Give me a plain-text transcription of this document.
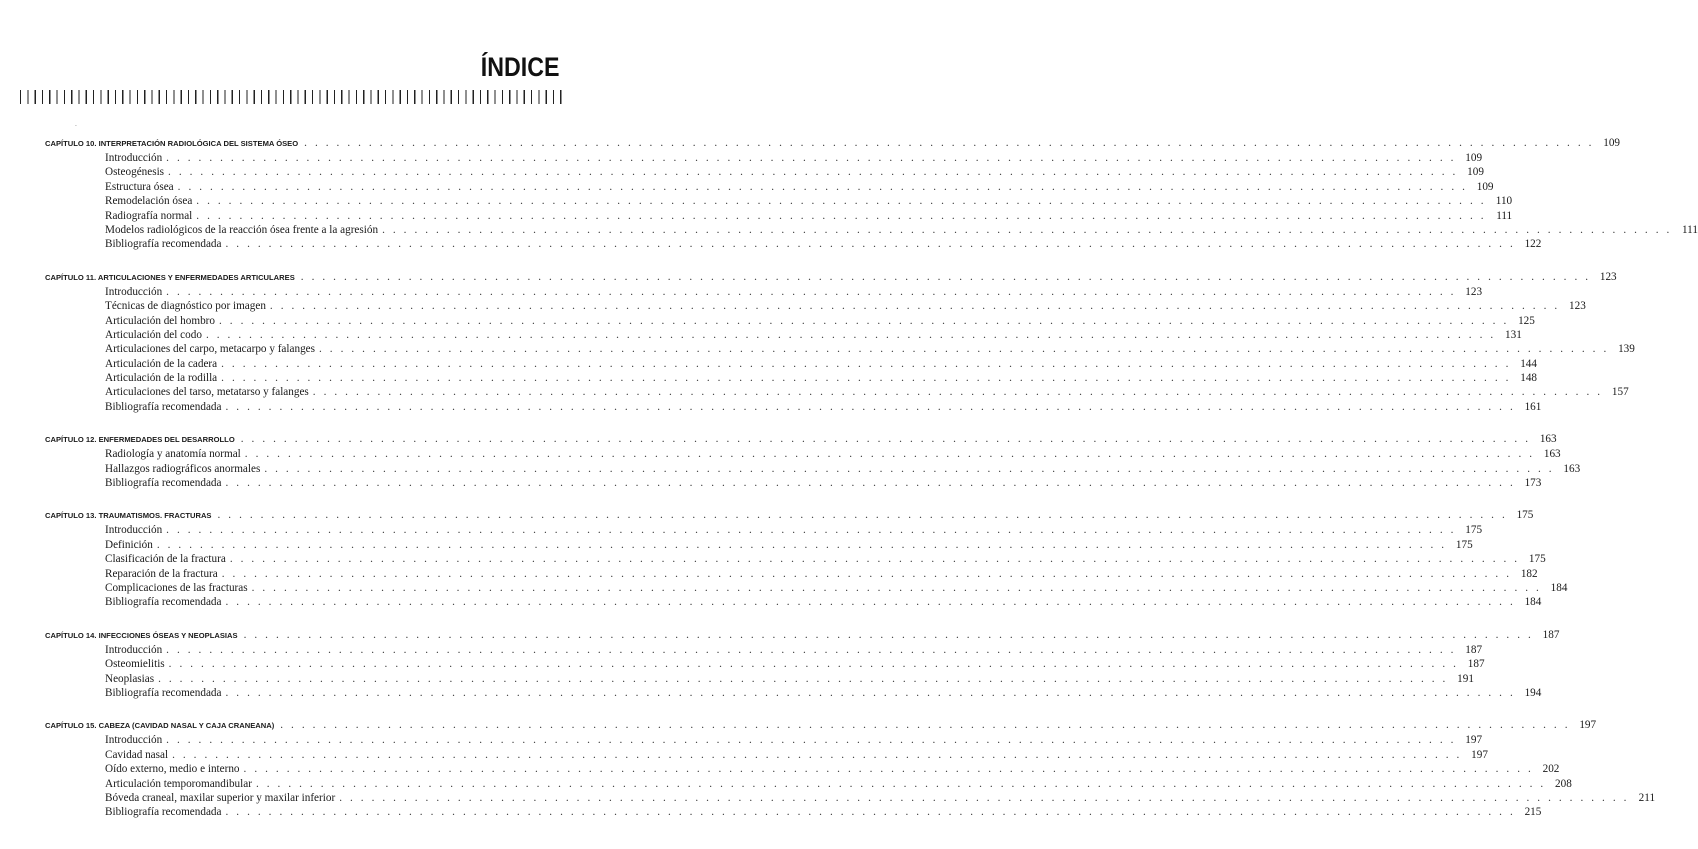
ÍNDICE
·
CAPÍTULO 10. INTERPRETACIÓN RADIOLÓGICA DEL SISTEMA ÓSEO . . . . . . . . . . . . . . . . . . . . . . . . . . . . . . . . . . . . . . . . . . . . . . . . . . . . . . . . . . . . . . . . . . . . . . . . . . . . . . . . . . . . . . . . . . . . . . . . . . . . . . . . . . . . . . . . . . . . . . . . 109
Introducción . . . . . . . . . . . . . . . . . . . . . . . . . . . . . . . . . . . . . . . . . . . . . . . . . . . . . . . . . . . . . . . . . . . . . . . . . . . . . . . . . . . . . . . . . . . . . . . . . . . . . . . . . . . . . . . . . . . . . . . . 109
Osteogénesis . . . . . . . . . . . . . . . . . . . . . . . . . . . . . . . . . . . . . . . . . . . . . . . . . . . . . . . . . . . . . . . . . . . . . . . . . . . . . . . . . . . . . . . . . . . . . . . . . . . . . . . . . . . . . . . . . . . . . . . . 109
Estructura ósea . . . . . . . . . . . . . . . . . . . . . . . . . . . . . . . . . . . . . . . . . . . . . . . . . . . . . . . . . . . . . . . . . . . . . . . . . . . . . . . . . . . . . . . . . . . . . . . . . . . . . . . . . . . . . . . . . . . . . . . . 109
Remodelación ósea . . . . . . . . . . . . . . . . . . . . . . . . . . . . . . . . . . . . . . . . . . . . . . . . . . . . . . . . . . . . . . . . . . . . . . . . . . . . . . . . . . . . . . . . . . . . . . . . . . . . . . . . . . . . . . . . . . . . . . . . 110
Radiografía normal . . . . . . . . . . . . . . . . . . . . . . . . . . . . . . . . . . . . . . . . . . . . . . . . . . . . . . . . . . . . . . . . . . . . . . . . . . . . . . . . . . . . . . . . . . . . . . . . . . . . . . . . . . . . . . . . . . . . . . . . 111
Modelos radiológicos de la reacción ósea frente a la agresión . . . . . . . . . . . . . . . . . . . . . . . . . . . . . . . . . . . . . . . . . . . . . . . . . . . . . . . . . . . . . . . . . . . . . . . . . . . . . . . . . . . . . . . . . . . . . . . . . . . . . . . . . . . . . . . . . . . . . . . . 111
Bibliografía recomendada . . . . . . . . . . . . . . . . . . . . . . . . . . . . . . . . . . . . . . . . . . . . . . . . . . . . . . . . . . . . . . . . . . . . . . . . . . . . . . . . . . . . . . . . . . . . . . . . . . . . . . . . . . . . . . . . . . . . . . . . 122
CAPÍTULO 11. ARTICULACIONES Y ENFERMEDADES ARTICULARES . . . . . . . . . . . . . . . . . . . . . . . . . . . . . . . . . . . . . . . . . . . . . . . . . . . . . . . . . . . . . . . . . . . . . . . . . . . . . . . . . . . . . . . . . . . . . . . . . . . . . . . . . . . . . . . . . . . . . . . . 123
Introducción . . . . . . . . . . . . . . . . . . . . . . . . . . . . . . . . . . . . . . . . . . . . . . . . . . . . . . . . . . . . . . . . . . . . . . . . . . . . . . . . . . . . . . . . . . . . . . . . . . . . . . . . . . . . . . . . . . . . . . . . 123
Técnicas de diagnóstico por imagen . . . . . . . . . . . . . . . . . . . . . . . . . . . . . . . . . . . . . . . . . . . . . . . . . . . . . . . . . . . . . . . . . . . . . . . . . . . . . . . . . . . . . . . . . . . . . . . . . . . . . . . . . . . . . . . . . . . . . . . . 123
Articulación del hombro . . . . . . . . . . . . . . . . . . . . . . . . . . . . . . . . . . . . . . . . . . . . . . . . . . . . . . . . . . . . . . . . . . . . . . . . . . . . . . . . . . . . . . . . . . . . . . . . . . . . . . . . . . . . . . . . . . . . . . . . 125
Articulación del codo . . . . . . . . . . . . . . . . . . . . . . . . . . . . . . . . . . . . . . . . . . . . . . . . . . . . . . . . . . . . . . . . . . . . . . . . . . . . . . . . . . . . . . . . . . . . . . . . . . . . . . . . . . . . . . . . . . . . . . . . 131
Articulaciones del carpo, metacarpo y falanges . . . . . . . . . . . . . . . . . . . . . . . . . . . . . . . . . . . . . . . . . . . . . . . . . . . . . . . . . . . . . . . . . . . . . . . . . . . . . . . . . . . . . . . . . . . . . . . . . . . . . . . . . . . . . . . . . . . . . . . . 139
Articulación de la cadera . . . . . . . . . . . . . . . . . . . . . . . . . . . . . . . . . . . . . . . . . . . . . . . . . . . . . . . . . . . . . . . . . . . . . . . . . . . . . . . . . . . . . . . . . . . . . . . . . . . . . . . . . . . . . . . . . . . . . . . . 144
Articulación de la rodilla . . . . . . . . . . . . . . . . . . . . . . . . . . . . . . . . . . . . . . . . . . . . . . . . . . . . . . . . . . . . . . . . . . . . . . . . . . . . . . . . . . . . . . . . . . . . . . . . . . . . . . . . . . . . . . . . . . . . . . . . 148
Articulaciones del tarso, metatarso y falanges . . . . . . . . . . . . . . . . . . . . . . . . . . . . . . . . . . . . . . . . . . . . . . . . . . . . . . . . . . . . . . . . . . . . . . . . . . . . . . . . . . . . . . . . . . . . . . . . . . . . . . . . . . . . . . . . . . . . . . . . 157
Bibliografía recomendada . . . . . . . . . . . . . . . . . . . . . . . . . . . . . . . . . . . . . . . . . . . . . . . . . . . . . . . . . . . . . . . . . . . . . . . . . . . . . . . . . . . . . . . . . . . . . . . . . . . . . . . . . . . . . . . . . . . . . . . . 161
CAPÍTULO 12. ENFERMEDADES DEL DESARROLLO . . . . . . . . . . . . . . . . . . . . . . . . . . . . . . . . . . . . . . . . . . . . . . . . . . . . . . . . . . . . . . . . . . . . . . . . . . . . . . . . . . . . . . . . . . . . . . . . . . . . . . . . . . . . . . . . . . . . . . . . 163
Radiología y anatomía normal . . . . . . . . . . . . . . . . . . . . . . . . . . . . . . . . . . . . . . . . . . . . . . . . . . . . . . . . . . . . . . . . . . . . . . . . . . . . . . . . . . . . . . . . . . . . . . . . . . . . . . . . . . . . . . . . . . . . . . . . 163
Hallazgos radiográficos anormales . . . . . . . . . . . . . . . . . . . . . . . . . . . . . . . . . . . . . . . . . . . . . . . . . . . . . . . . . . . . . . . . . . . . . . . . . . . . . . . . . . . . . . . . . . . . . . . . . . . . . . . . . . . . . . . . . . . . . . . . 163
Bibliografía recomendada . . . . . . . . . . . . . . . . . . . . . . . . . . . . . . . . . . . . . . . . . . . . . . . . . . . . . . . . . . . . . . . . . . . . . . . . . . . . . . . . . . . . . . . . . . . . . . . . . . . . . . . . . . . . . . . . . . . . . . . . 173
CAPÍTULO 13. TRAUMATISMOS. FRACTURAS . . . . . . . . . . . . . . . . . . . . . . . . . . . . . . . . . . . . . . . . . . . . . . . . . . . . . . . . . . . . . . . . . . . . . . . . . . . . . . . . . . . . . . . . . . . . . . . . . . . . . . . . . . . . . . . . . . . . . . . . 175
Introducción . . . . . . . . . . . . . . . . . . . . . . . . . . . . . . . . . . . . . . . . . . . . . . . . . . . . . . . . . . . . . . . . . . . . . . . . . . . . . . . . . . . . . . . . . . . . . . . . . . . . . . . . . . . . . . . . . . . . . . . . 175
Definición . . . . . . . . . . . . . . . . . . . . . . . . . . . . . . . . . . . . . . . . . . . . . . . . . . . . . . . . . . . . . . . . . . . . . . . . . . . . . . . . . . . . . . . . . . . . . . . . . . . . . . . . . . . . . . . . . . . . . . . . 175
Clasificación de la fractura . . . . . . . . . . . . . . . . . . . . . . . . . . . . . . . . . . . . . . . . . . . . . . . . . . . . . . . . . . . . . . . . . . . . . . . . . . . . . . . . . . . . . . . . . . . . . . . . . . . . . . . . . . . . . . . . . . . . . . . . 175
Reparación de la fractura . . . . . . . . . . . . . . . . . . . . . . . . . . . . . . . . . . . . . . . . . . . . . . . . . . . . . . . . . . . . . . . . . . . . . . . . . . . . . . . . . . . . . . . . . . . . . . . . . . . . . . . . . . . . . . . . . . . . . . . . 182
Complicaciones de las fracturas . . . . . . . . . . . . . . . . . . . . . . . . . . . . . . . . . . . . . . . . . . . . . . . . . . . . . . . . . . . . . . . . . . . . . . . . . . . . . . . . . . . . . . . . . . . . . . . . . . . . . . . . . . . . . . . . . . . . . . . . 184
Bibliografía recomendada . . . . . . . . . . . . . . . . . . . . . . . . . . . . . . . . . . . . . . . . . . . . . . . . . . . . . . . . . . . . . . . . . . . . . . . . . . . . . . . . . . . . . . . . . . . . . . . . . . . . . . . . . . . . . . . . . . . . . . . . 184
CAPÍTULO 14. INFECCIONES ÓSEAS Y NEOPLASIAS . . . . . . . . . . . . . . . . . . . . . . . . . . . . . . . . . . . . . . . . . . . . . . . . . . . . . . . . . . . . . . . . . . . . . . . . . . . . . . . . . . . . . . . . . . . . . . . . . . . . . . . . . . . . . . . . . . . . . . . . 187
Introducción . . . . . . . . . . . . . . . . . . . . . . . . . . . . . . . . . . . . . . . . . . . . . . . . . . . . . . . . . . . . . . . . . . . . . . . . . . . . . . . . . . . . . . . . . . . . . . . . . . . . . . . . . . . . . . . . . . . . . . . . 187
Osteomielitis . . . . . . . . . . . . . . . . . . . . . . . . . . . . . . . . . . . . . . . . . . . . . . . . . . . . . . . . . . . . . . . . . . . . . . . . . . . . . . . . . . . . . . . . . . . . . . . . . . . . . . . . . . . . . . . . . . . . . . . . 187
Neoplasias . . . . . . . . . . . . . . . . . . . . . . . . . . . . . . . . . . . . . . . . . . . . . . . . . . . . . . . . . . . . . . . . . . . . . . . . . . . . . . . . . . . . . . . . . . . . . . . . . . . . . . . . . . . . . . . . . . . . . . . . 191
Bibliografía recomendada . . . . . . . . . . . . . . . . . . . . . . . . . . . . . . . . . . . . . . . . . . . . . . . . . . . . . . . . . . . . . . . . . . . . . . . . . . . . . . . . . . . . . . . . . . . . . . . . . . . . . . . . . . . . . . . . . . . . . . . . 194
CAPÍTULO 15. CABEZA (CAVIDAD NASAL Y CAJA CRANEANA) . . . . . . . . . . . . . . . . . . . . . . . . . . . . . . . . . . . . . . . . . . . . . . . . . . . . . . . . . . . . . . . . . . . . . . . . . . . . . . . . . . . . . . . . . . . . . . . . . . . . . . . . . . . . . . . . . . . . . . . . 197
Introducción . . . . . . . . . . . . . . . . . . . . . . . . . . . . . . . . . . . . . . . . . . . . . . . . . . . . . . . . . . . . . . . . . . . . . . . . . . . . . . . . . . . . . . . . . . . . . . . . . . . . . . . . . . . . . . . . . . . . . . . . 197
Cavidad nasal . . . . . . . . . . . . . . . . . . . . . . . . . . . . . . . . . . . . . . . . . . . . . . . . . . . . . . . . . . . . . . . . . . . . . . . . . . . . . . . . . . . . . . . . . . . . . . . . . . . . . . . . . . . . . . . . . . . . . . . . 197
Oído externo, medio e interno . . . . . . . . . . . . . . . . . . . . . . . . . . . . . . . . . . . . . . . . . . . . . . . . . . . . . . . . . . . . . . . . . . . . . . . . . . . . . . . . . . . . . . . . . . . . . . . . . . . . . . . . . . . . . . . . . . . . . . . . 202
Articulación temporomandibular . . . . . . . . . . . . . . . . . . . . . . . . . . . . . . . . . . . . . . . . . . . . . . . . . . . . . . . . . . . . . . . . . . . . . . . . . . . . . . . . . . . . . . . . . . . . . . . . . . . . . . . . . . . . . . . . . . . . . . . . 208
Bóveda craneal, maxilar superior y maxilar inferior . . . . . . . . . . . . . . . . . . . . . . . . . . . . . . . . . . . . . . . . . . . . . . . . . . . . . . . . . . . . . . . . . . . . . . . . . . . . . . . . . . . . . . . . . . . . . . . . . . . . . . . . . . . . . . . . . . . . . . . . 211
Bibliografía recomendada . . . . . . . . . . . . . . . . . . . . . . . . . . . . . . . . . . . . . . . . . . . . . . . . . . . . . . . . . . . . . . . . . . . . . . . . . . . . . . . . . . . . . . . . . . . . . . . . . . . . . . . . . . . . . . . . . . . . . . . . 215
